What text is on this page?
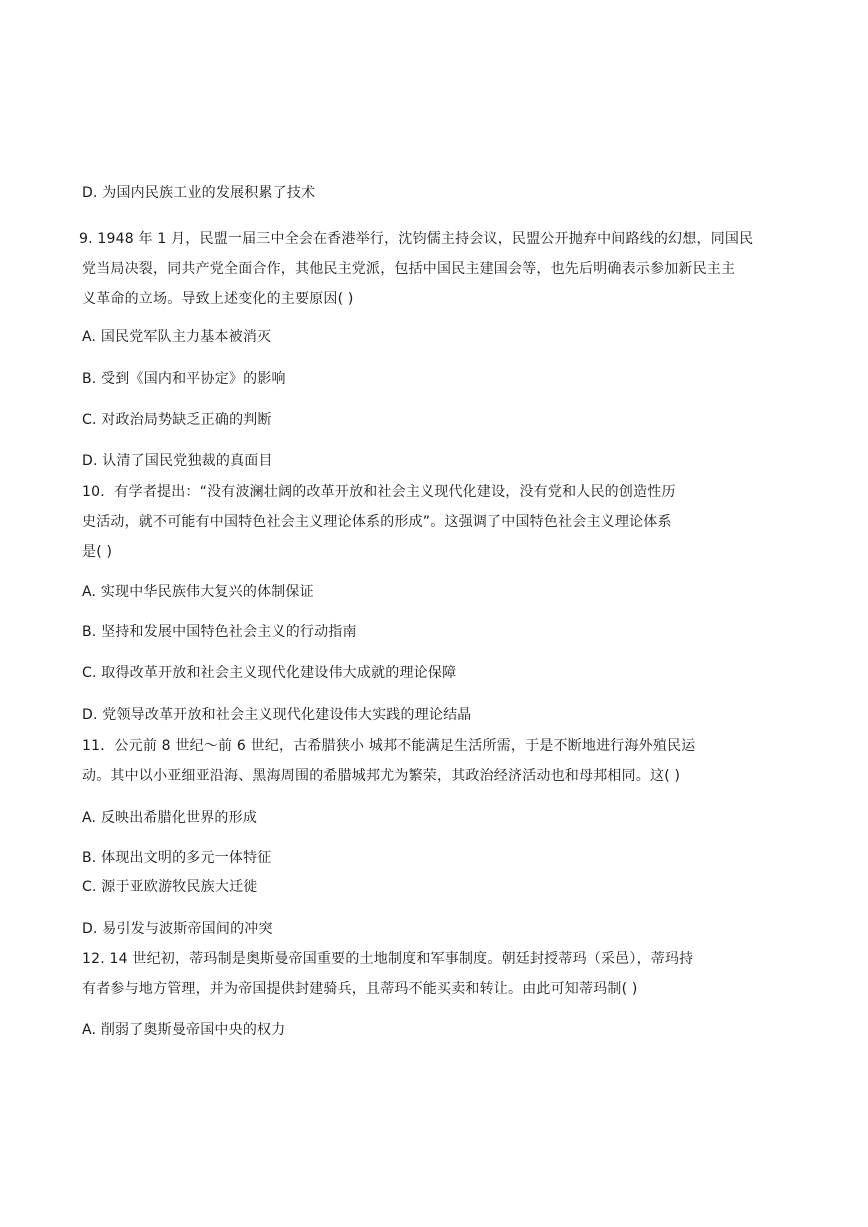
D. 为国内民族工业的发展积累了技术
9. 1948 年 1 月，民盟一届三中全会在香港举行，沈钧儒主持会议，民盟公开抛弃中间路线的幻想，同国民
党当局决裂，同共产党全面合作，其他民主党派，包括中国民主建国会等，也先后明确表示参加新民主主
义革命的立场。导致上述变化的主要原因( )
A. 国民党军队主力基本被消灭
B. 受到《国内和平协定》的影响
C. 对政治局势缺乏正确的判断
D. 认清了国民党独裁的真面目
10．有学者提出：“没有波澜壮阔的改革开放和社会主义现代化建设，没有党和人民的创造性历
史活动，就不可能有中国特色社会主义理论体系的形成”。这强调了中国特色社会主义理论体系
是( )
A. 实现中华民族伟大复兴的体制保证
B. 坚持和发展中国特色社会主义的行动指南
C. 取得改革开放和社会主义现代化建设伟大成就的理论保障
D. 党领导改革开放和社会主义现代化建设伟大实践的理论结晶
11．公元前 8 世纪～前 6 世纪，古希腊狭小 城邦不能满足生活所需，于是不断地进行海外殖民运
动。其中以小亚细亚沿海、黑海周围的希腊城邦尤为繁荣，其政治经济活动也和母邦相同。这( )
A. 反映出希腊化世界的形成
B. 体现出文明的多元一体特征
C. 源于亚欧游牧民族大迁徙
D. 易引发与波斯帝国间的冲突
12. 14 世纪初，蒂玛制是奥斯曼帝国重要的土地制度和军事制度。朝廷封授蒂玛（采邑），蒂玛持
有者参与地方管理，并为帝国提供封建骑兵，且蒂玛不能买卖和转让。由此可知蒂玛制( )
A. 削弱了奥斯曼帝国中央的权力
